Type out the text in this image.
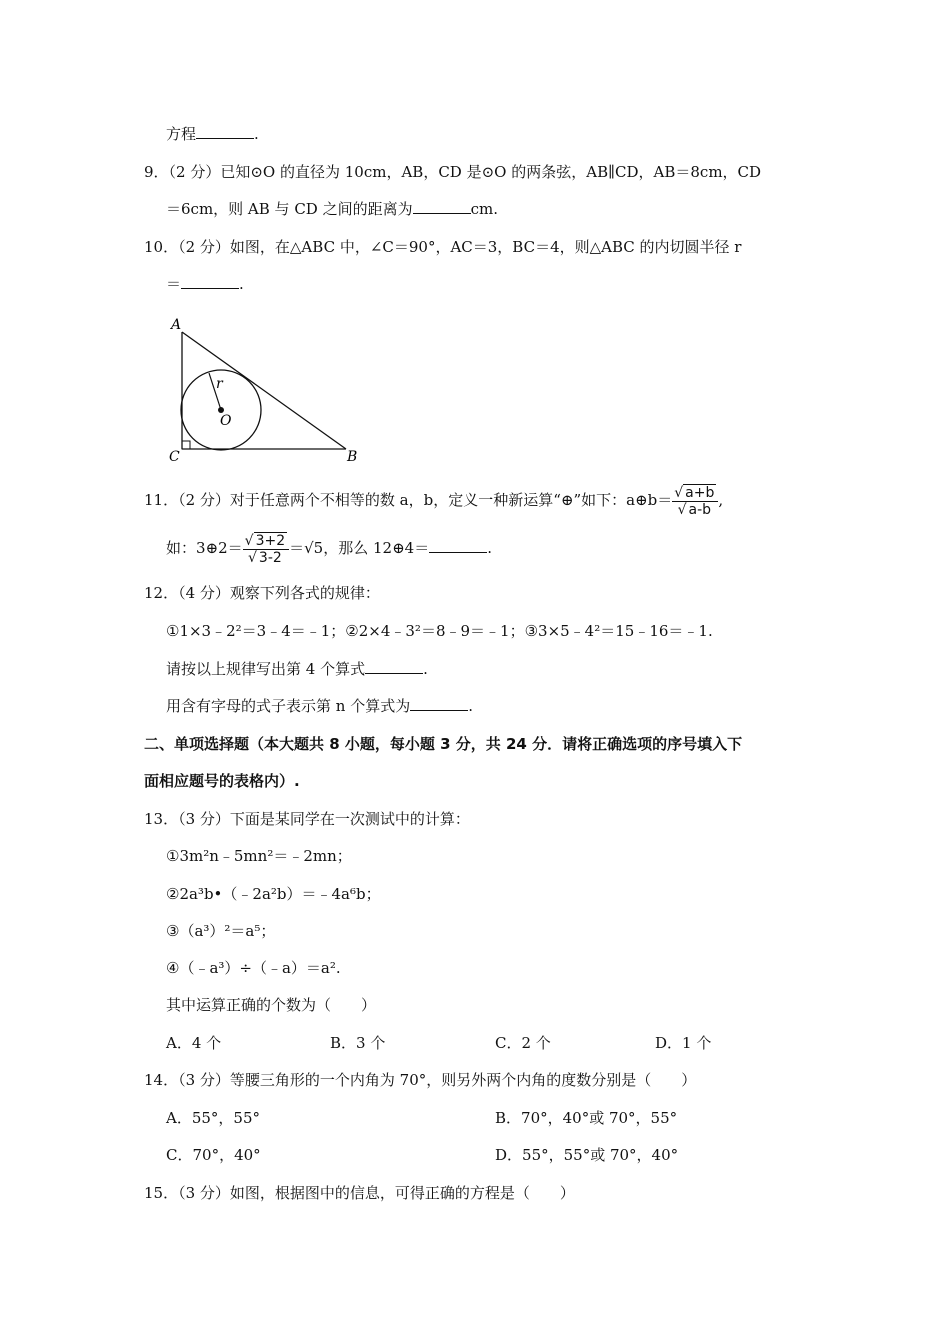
方程	.
9．（2 分）已知⊙O 的直径为 10cm，AB，CD 是⊙O 的两条弦，AB∥CD，AB＝8cm，CD
＝6cm，则 AB 与 CD 之间的距离为	cm.
10．（2 分）如图，在△ABC 中，∠C＝90°，AC＝3，BC＝4，则△ABC 的内切圆半径 r
＝	.
A
C	B
O
r
11．（2 分）对于任意两个不相等的数 a，b，定义一种新运算“⊕”如下：a⊕b＝ $\frac{√ a+b}{√ a-b}$ ,
如：3⊕2＝ $\frac{√ 3+2}{√ 3-2} =√5$，那么 12⊕4＝	.
12．（4 分）观察下列各式的规律：
①1×3﹣2²＝3﹣4＝﹣1；②2×4﹣3²＝8﹣9＝﹣1；③3×5﹣4²＝15﹣16＝﹣1.
请按以上规律写出第 4 个算式	.
用含有字母的式子表示第 n 个算式为	.
二、单项选择题（本大题共 8 小题，每小题 3 分，共 24 分．请将正确选项的序号填入下
面相应题号的表格内）.
13．（3 分）下面是某同学在一次测试中的计算：
①3m²n﹣5mn²＝﹣2mn；
②2a³b•（﹣2a²b）＝﹣4a⁶b；
③（a³）²＝a⁵；
④（﹣a³）÷（﹣a）＝a².
其中运算正确的个数为（　　）
A．4 个	B．3 个	C．2 个	D．1 个
14．（3 分）等腰三角形的一个内角为 70°，则另外两个内角的度数分别是（　　）
A．55°，55°	B．70°，40°或 70°，55°
C．70°，40°	D．55°，55°或 70°，40°
15．（3 分）如图，根据图中的信息，可得正确的方程是（　　）
